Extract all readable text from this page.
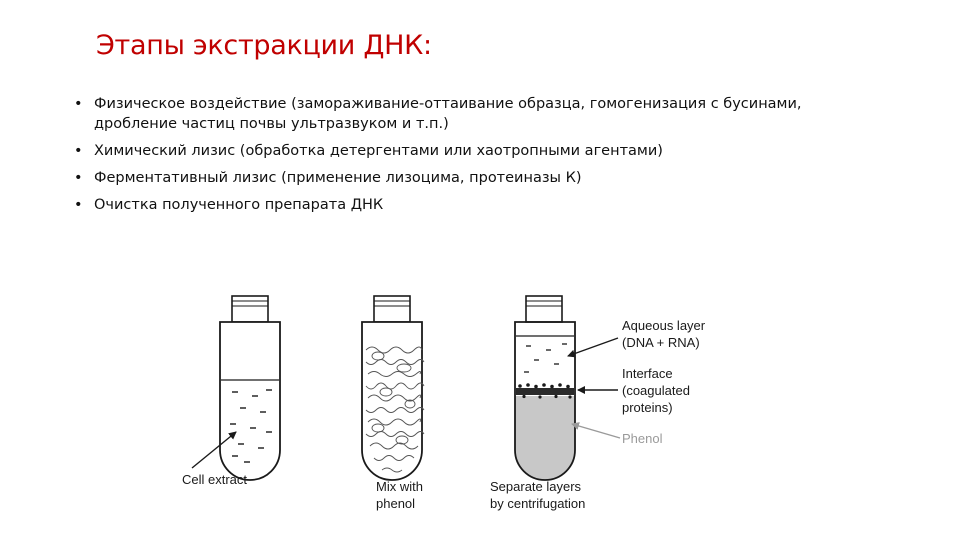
Этапы экстракции ДНК:
• Физическое воздействие (замораживание-оттаивание образца, гомогенизация с бусинами, дробление частиц почвы ультразвуком и т.п.)
• Химический лизис (обработка детергентами или хаотропными агентами)
• Ферментативный лизис (применение лизоцима, протеиназы К)
• Очистка полученного препарата ДНК
Cell extract	Mix with
phenol
Aqueous layer
(DNA + RNA)
Interface
(coagulated
proteins)
Phenol
Separate layers
by centrifugation
